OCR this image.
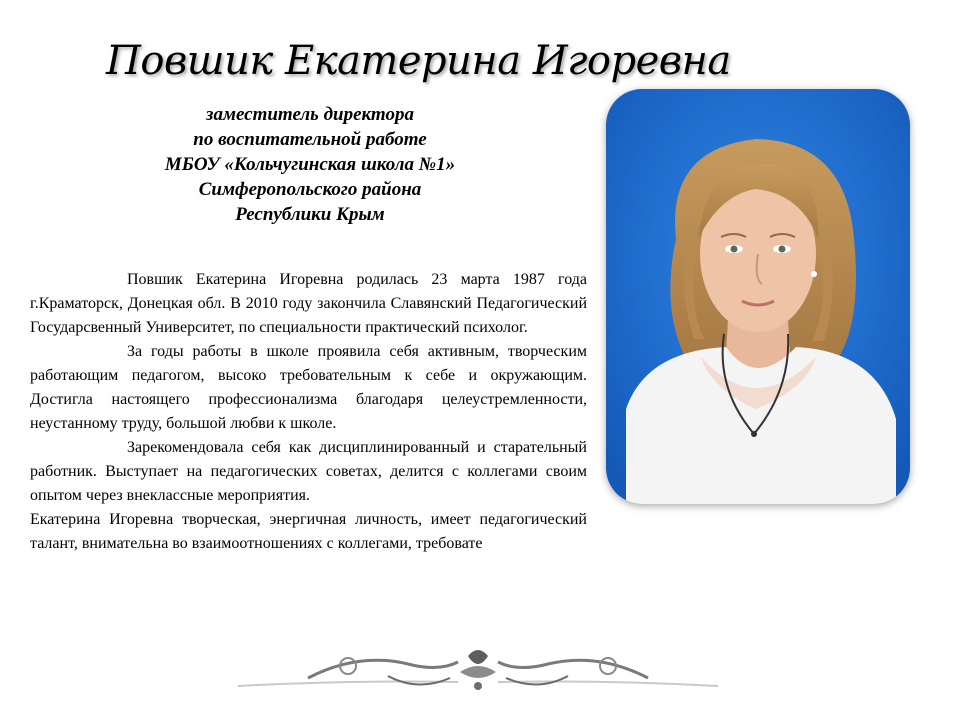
Повшик Екатерина Игоревна
заместитель директора
по воспитательной работе
МБОУ «Кольчугинская школа №1»
Симферопольского района
Республики Крым

Повшик Екатерина Игоревна родилась 23 марта 1987 года г.Краматорск, Донецкая обл. В 2010 году закончила Славянский Педагогический Государсвенный Университет, по специальности практический психолог.

За годы работы в школе проявила себя активным, творческим работающим педагогом, высоко требовательным к себе и окружающим. Достигла настоящего профессионализма благодаря целеустремленности, неустанному труду, большой любви к школе.

Зарекомендовала себя как дисциплинированный и старательный работник. Выступает на педагогических советах, делится с коллегами своим опытом через внеклассные мероприятия.

Екатерина Игоревна творческая, энергичная личность, имеет педагогический талант, внимательна во взаимоотношениях с коллегами, требовате
